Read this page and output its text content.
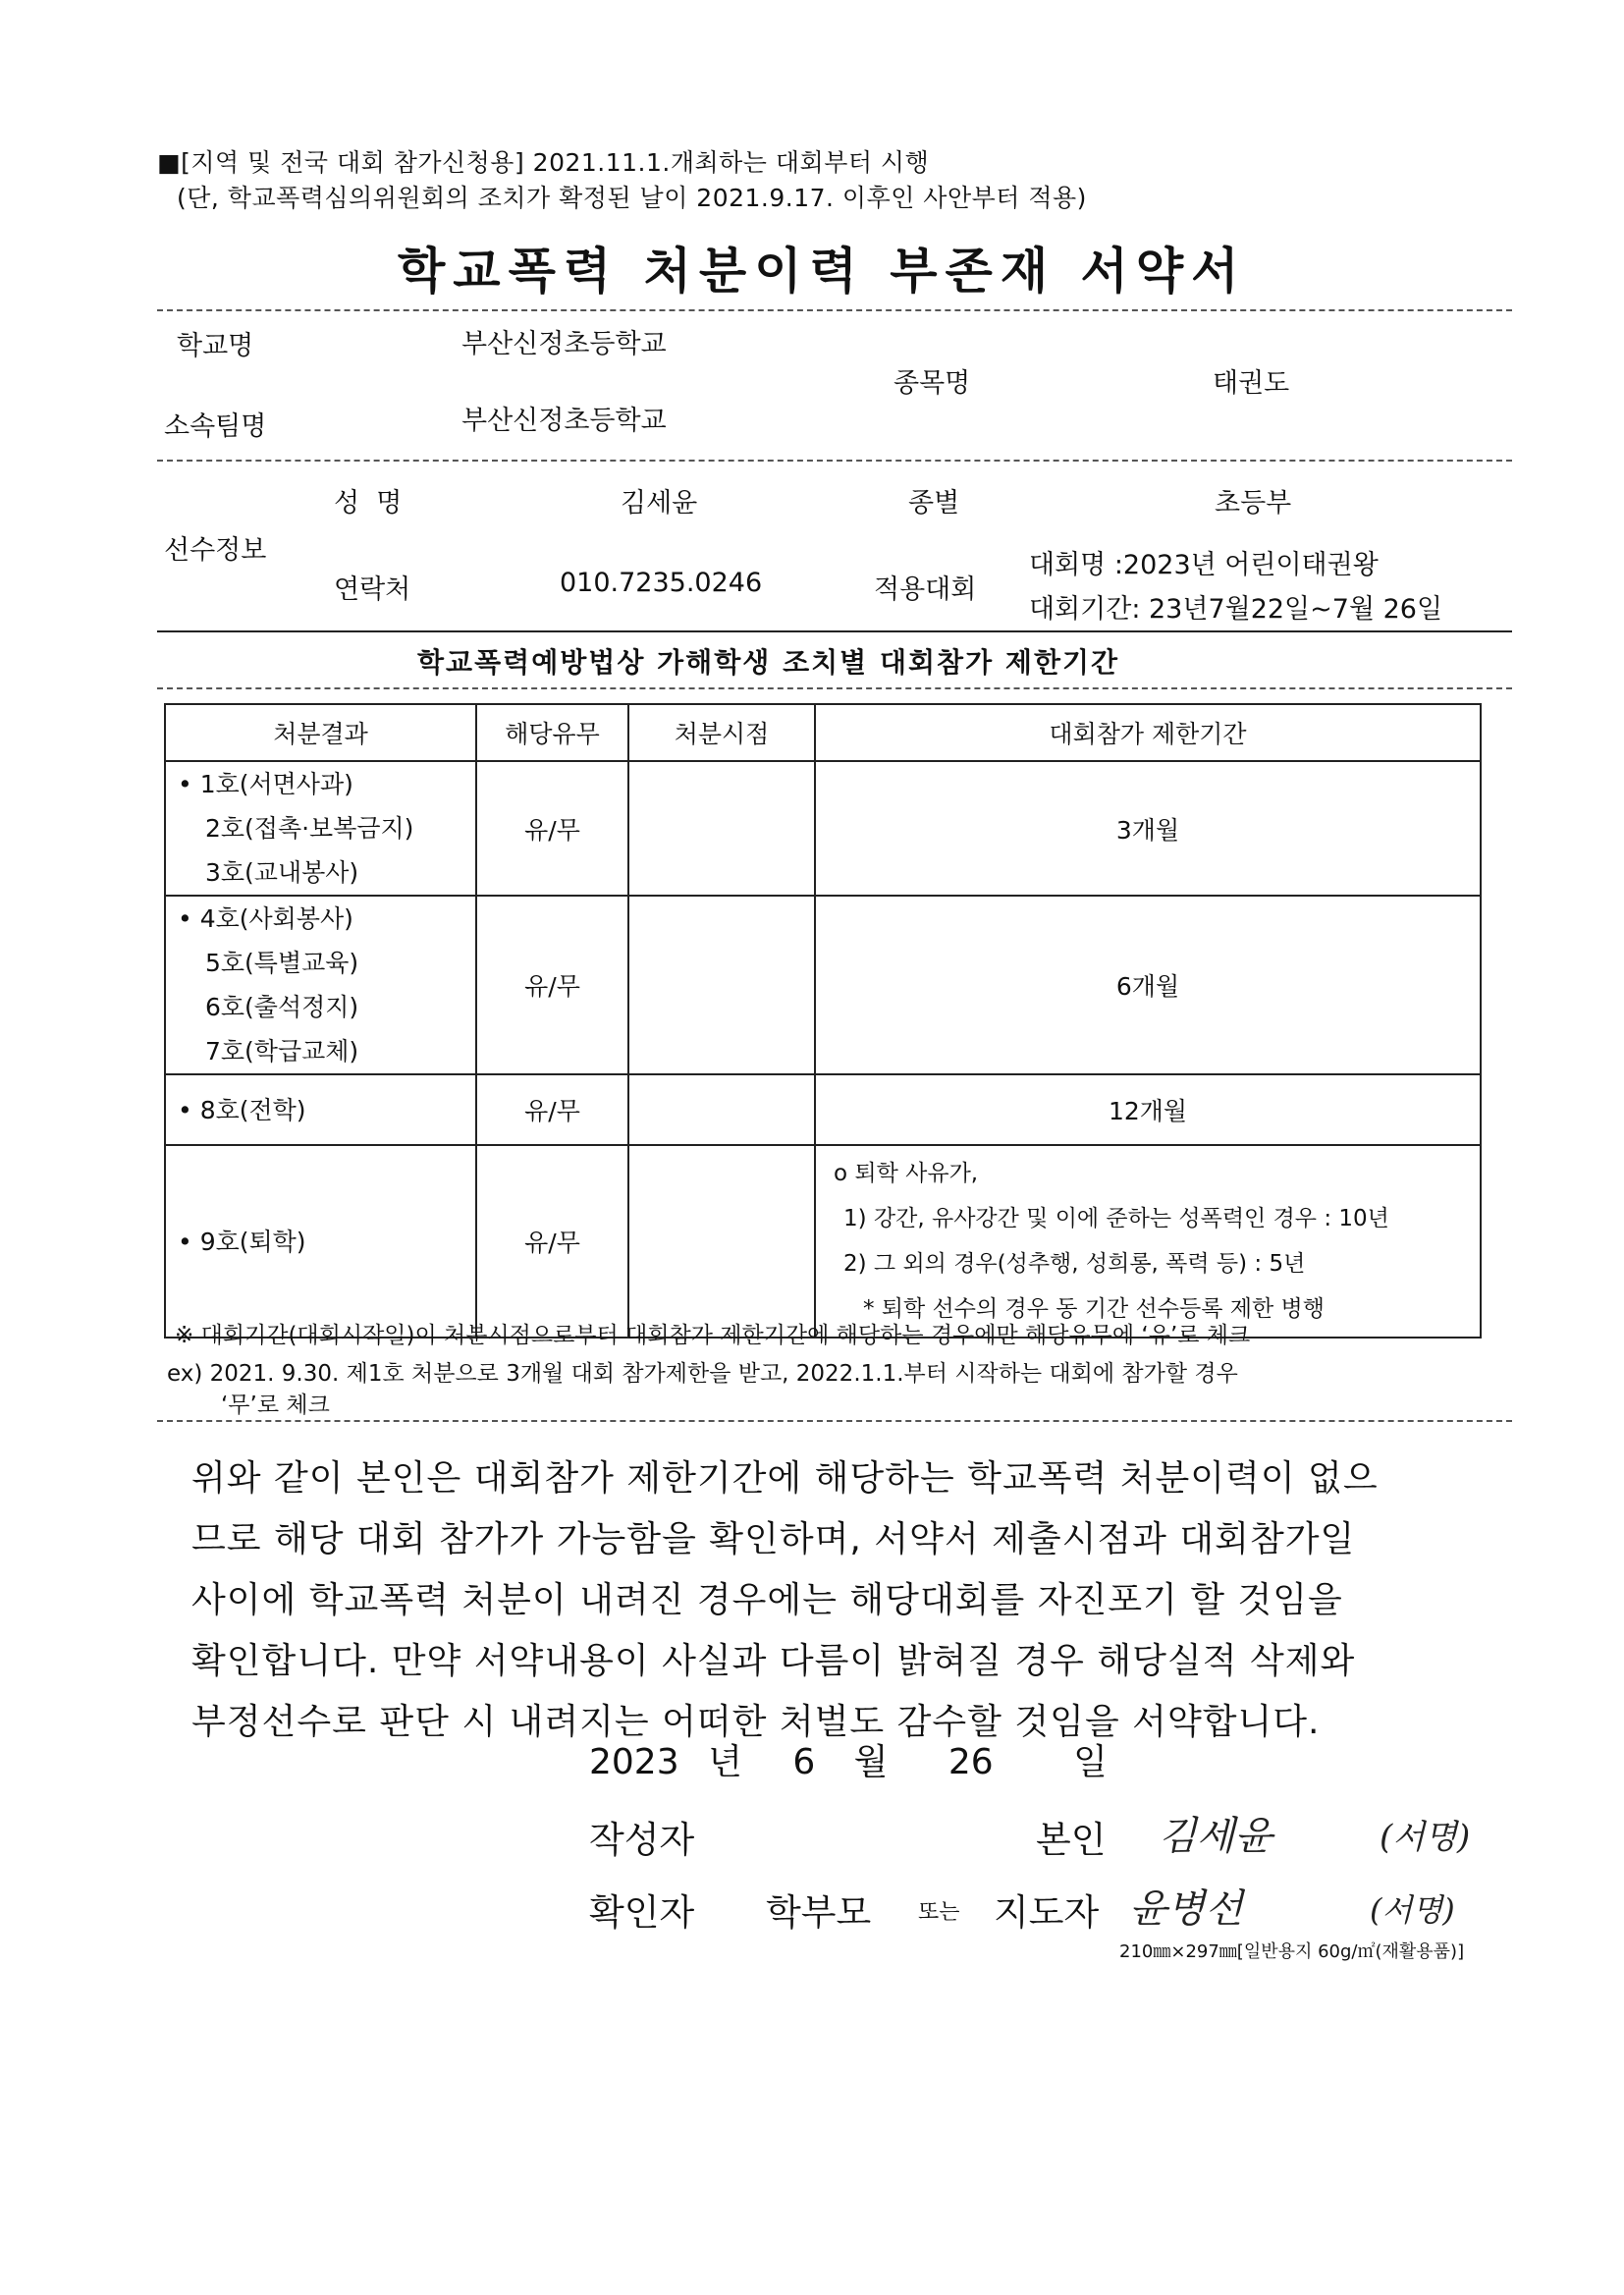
■[지역 및 전국 대회 참가신청용] 2021.11.1.개최하는 대회부터 시행
(단, 학교폭력심의위원회의 조치가 확정된 날이 2021.9.17. 이후인 사안부터 적용)
학교폭력 처분이력 부존재 서약서
학교명	부산신정초등학교
소속팀명	부산신정초등학교
종목명	태권도
선수정보
성  명	김세윤	종별	초등부
연락처	010.7235.0246	적용대회
대회명 :2023년 어린이태권왕
대회기간: 23년7월22일~7월 26일
학교폭력예방법상 가해학생 조치별 대회참가 제한기간
처분결과	해당유무	처분시점	대회참가 제한기간

• 1호(서면사과)
2호(접촉·보복금지)
3호(교내봉사)	유/무		3개월

• 4호(사회봉사)
5호(특별교육)
6호(출석정지)
7호(학급교체)	유/무		6개월

• 8호(전학)	유/무		12개월

• 9호(퇴학)	유/무		o 퇴학 사유가,
1) 강간, 유사강간 및 이에 준하는 성폭력인 경우 : 10년
2) 그 외의 경우(성추행, 성희롱, 폭력 등) : 5년
* 퇴학 선수의 경우 동 기간 선수등록 제한 병행
※ 대회기간(대회시작일)이 처분시점으로부터 대회참가 제한기간에 해당하는 경우에만 해당유무에 ‘유’로 체크
ex) 2021. 9.30. 제1호 처분으로 3개월 대회 참가제한을 받고, 2022.1.1.부터 시작하는 대회에 참가할 경우
‘무’로 체크
위와 같이 본인은 대회참가 제한기간에 해당하는 학교폭력 처분이력이 없으
므로 해당 대회 참가가 가능함을 확인하며, 서약서 제출시점과 대회참가일
사이에 학교폭력 처분이 내려진 경우에는 해당대회를 자진포기 할 것임을
확인합니다. 만약 서약내용이 사실과 다름이 밝혀질 경우 해당실적 삭제와
부정선수로 판단 시 내려지는 어떠한 처벌도 감수할 것임을 서약합니다.
2023 년 6 월 26 일
작성자	본인 김세윤	(서명)
확인자 학부모 또는 지도자 윤병선	(서명)
210㎜×297㎜[일반용지 60g/㎡(재활용품)]
